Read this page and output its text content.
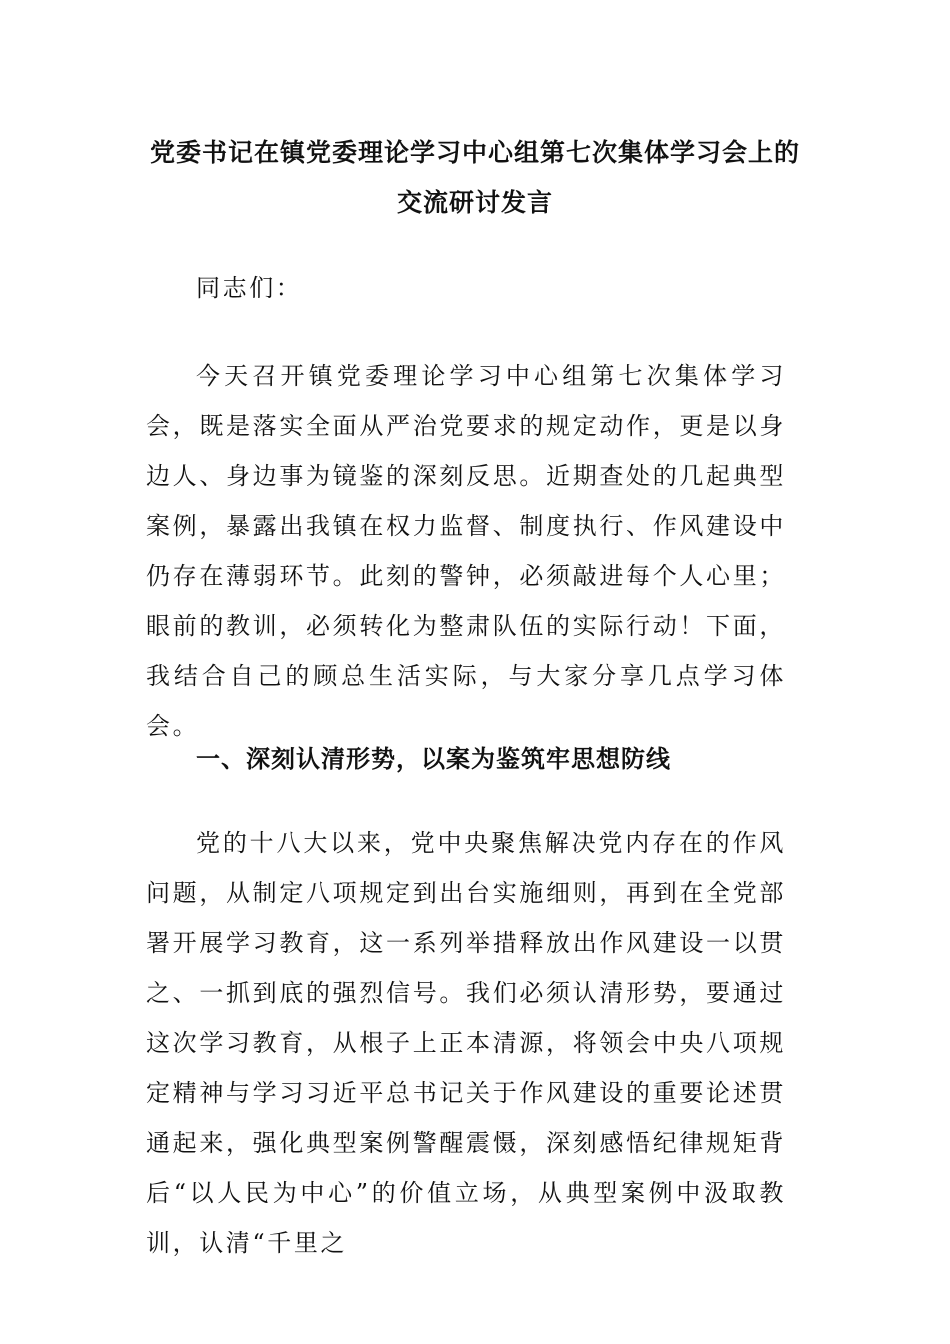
党委书记在镇党委理论学习中心组第七次集体学习会上的
交流研讨发言

同志们：

今天召开镇党委理论学习中心组第七次集体学习会，既是落实全面从严治党要求的规定动作，更是以身边人、身边事为镜鉴的深刻反思。近期查处的几起典型案例，暴露出我镇在权力监督、制度执行、作风建设中仍存在薄弱环节。此刻的警钟，必须敲进每个人心里；眼前的教训，必须转化为整肃队伍的实际行动！下面，我结合自己的顾总生活实际，与大家分享几点学习体会。

一、深刻认清形势，以案为鉴筑牢思想防线

党的十八大以来，党中央聚焦解决党内存在的作风问题，从制定八项规定到出台实施细则，再到在全党部署开展学习教育，这一系列举措释放出作风建设一以贯之、一抓到底的强烈信号。我们必须认清形势，要通过这次学习教育，从根子上正本清源，将领会中央八项规定精神与学习习近平总书记关于作风建设的重要论述贯通起来，强化典型案例警醒震慑，深刻感悟纪律规矩背后“以人民为中心”的价值立场，从典型案例中汲取教训，认清“千里之
